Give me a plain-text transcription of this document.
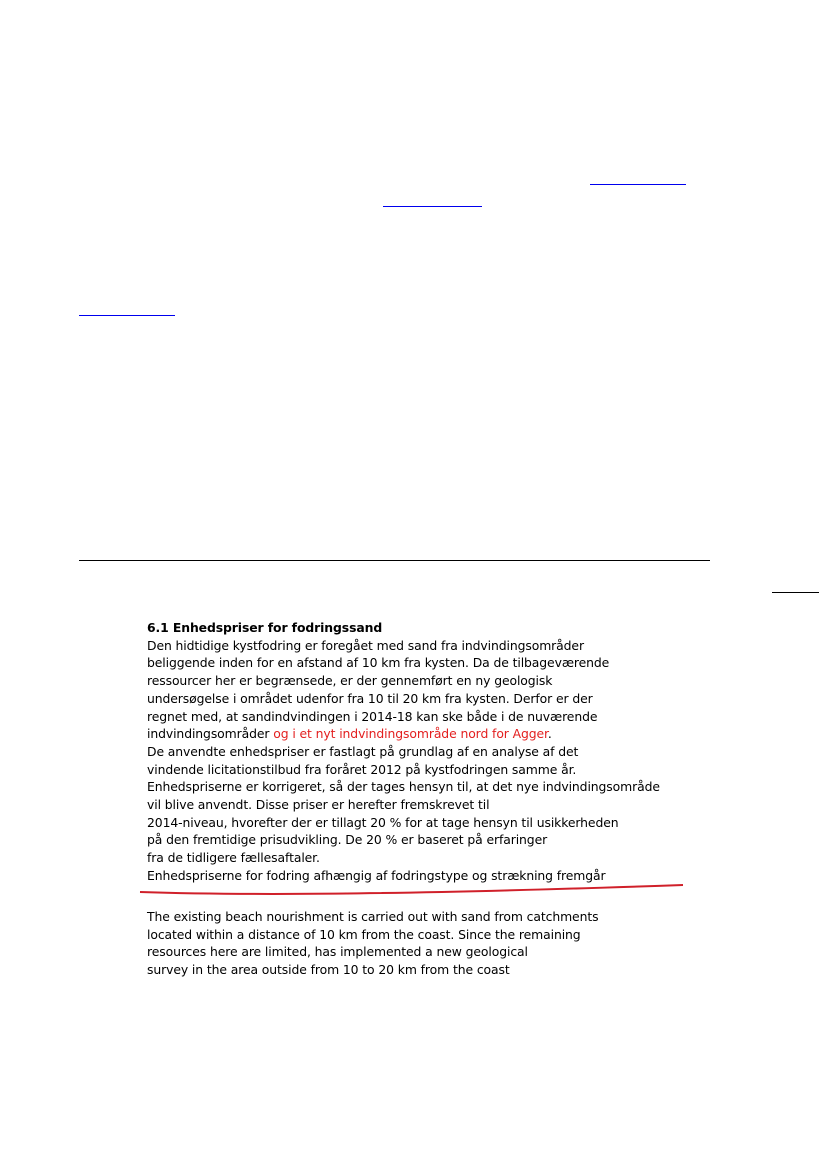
6.1 Enhedspriser for fodringssand
Den hidtidige kystfodring er foregået med sand fra indvindingsområder
beliggende inden for en afstand af 10 km fra kysten. Da de tilbageværende
ressourcer her er begrænsede, er der gennemført en ny geologisk
undersøgelse i området udenfor fra 10 til 20 km fra kysten. Derfor er der
regnet med, at sandindvindingen i 2014-18 kan ske både i de nuværende
indvindingsområder og i et nyt indvindingsområde nord for Agger.
De anvendte enhedspriser er fastlagt på grundlag af en analyse af det
vindende licitationstilbud fra foråret 2012 på kystfodringen samme år.
Enhedspriserne er korrigeret, så der tages hensyn til, at det nye indvindingsområde
vil blive anvendt. Disse priser er herefter fremskrevet til
2014-niveau, hvorefter der er tillagt 20 % for at tage hensyn til usikkerheden
på den fremtidige prisudvikling. De 20 % er baseret på erfaringer
fra de tidligere fællesaftaler.
Enhedspriserne for fodring afhængig af fodringstype og strækning fremgår
The existing beach nourishment is carried out with sand from catchments
located within a distance of 10 km from the coast. Since the remaining
resources here are limited, has implemented a new geological
survey in the area outside from 10 to 20 km from the coast
